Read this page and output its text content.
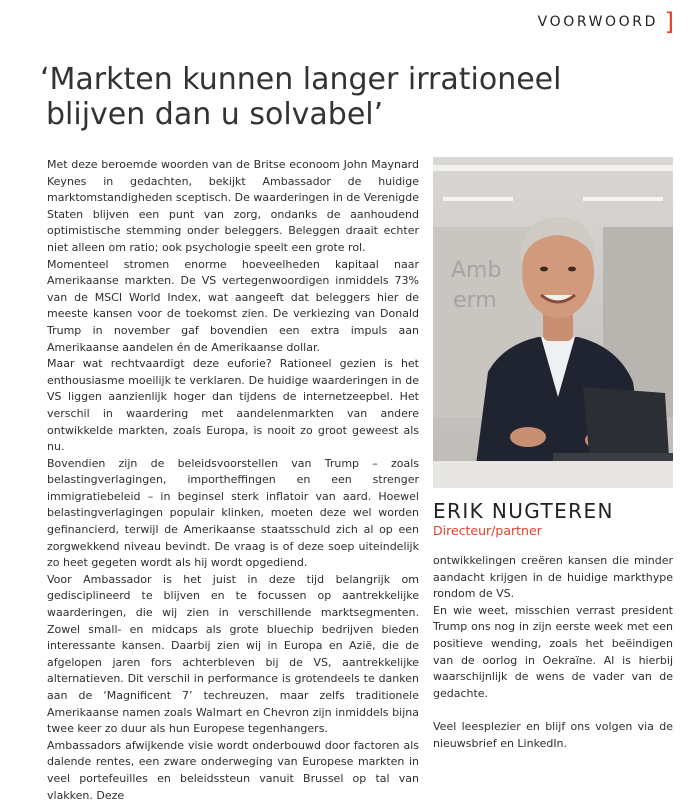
VOORWOORD ]
‘Markten kunnen langer irrationeel
blijven dan u solvabel’

Met deze beroemde woorden van de Britse econoom John Maynard Keynes in gedachten, bekijkt Ambassador de huidige marktomstandigheden sceptisch. De waarderingen in de Verenigde Staten blijven een punt van zorg, ondanks de aanhoudend optimistische stemming onder beleggers. Beleggen draait echter niet alleen om ratio; ook psychologie speelt een grote rol.

Momenteel stromen enorme hoeveelheden kapitaal naar Amerikaanse markten. De VS vertegenwoordigen inmiddels 73% van de MSCI World Index, wat aangeeft dat beleggers hier de meeste kansen voor de toekomst zien. De verkiezing van Donald Trump in november gaf bovendien een extra impuls aan Amerikaanse aandelen én de Amerikaanse dollar.

Maar wat rechtvaardigt deze euforie? Rationeel gezien is het enthousiasme moeilijk te verklaren. De huidige waarderingen in de VS liggen aanzienlijk hoger dan tijdens de internetzeepbel. Het verschil in waardering met aandelenmarkten van andere ontwikkelde markten, zoals Europa, is nooit zo groot geweest als nu.

Bovendien zijn de beleidsvoorstellen van Trump – zoals belastingverlagingen, importheffingen en een strenger immigratiebeleid – in beginsel sterk inflatoir van aard. Hoewel belastingverlagingen populair klinken, moeten deze wel worden gefinancierd, terwijl de Amerikaanse staatsschuld zich al op een zorgwekkend niveau bevindt. De vraag is of deze soep uiteindelijk zo heet gegeten wordt als hij wordt opgediend.

Voor Ambassador is het juist in deze tijd belangrijk om gedisciplineerd te blijven en te focussen op aantrekkelijke waarderingen, die wij zien in verschillende marktsegmenten. Zowel small- en midcaps als grote bluechip bedrijven bieden interessante kansen. Daarbij zien wij in Europa en Azië, die de afgelopen jaren fors achterbleven bij de VS, aantrekkelijke alternatieven. Dit verschil in performance is grotendeels te danken aan de ‘Magnificent 7’ techreuzen, maar zelfs traditionele Amerikaanse namen zoals Walmart en Chevron zijn inmiddels bijna twee keer zo duur als hun Europese tegenhangers.

Ambassadors afwijkende visie wordt onderbouwd door factoren als dalende rentes, een zware onderweging van Europese markten in veel portefeuilles en beleidssteun vanuit Brussel op tal van vlakken. Deze

Amb
erm
ERIK NUGTEREN
Directeur/partner

ontwikkelingen creëren kansen die minder aandacht krijgen in de huidige markthype rondom de VS.

En wie weet, misschien verrast president Trump ons nog in zijn eerste week met een positieve wending, zoals het beëindigen van de oorlog in Oekraïne. Al is hierbij waarschijnlijk de wens de vader van de gedachte.

Veel leesplezier en blijf ons volgen via de nieuwsbrief en LinkedIn.
